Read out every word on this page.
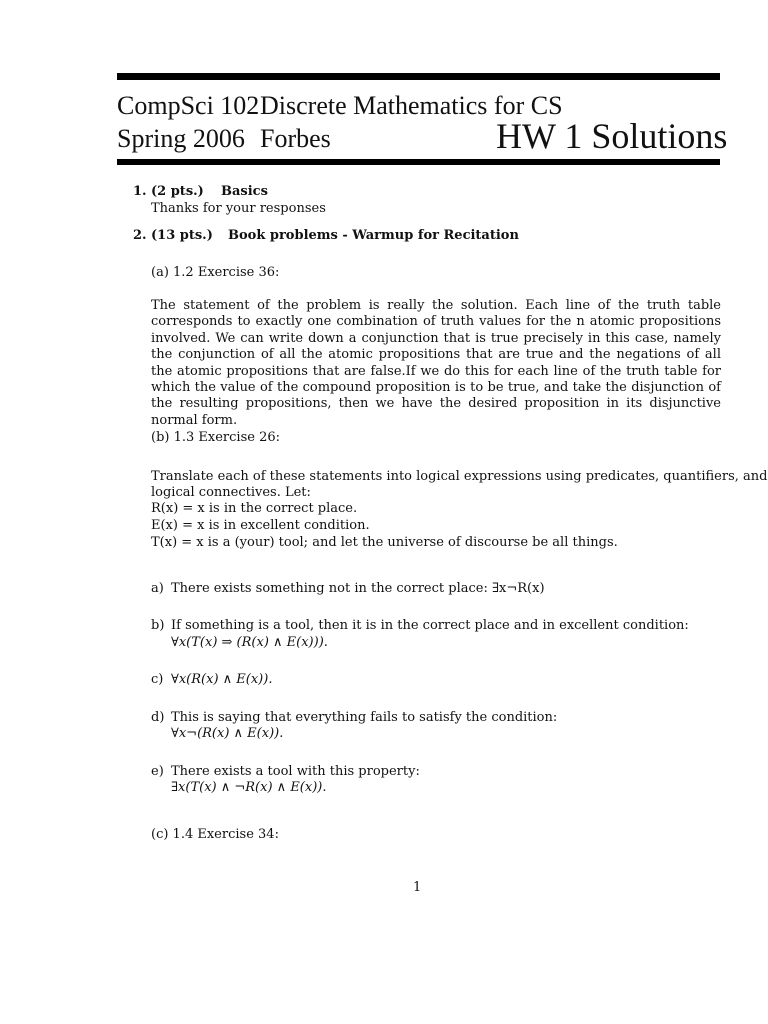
CompSci 102 Discrete Mathematics for CS
Spring 2006 Forbes	HW 1 Solutions
1. (2 pts.) Basics
Thanks for your responses
2. (13 pts.) Book problems - Warmup for Recitation
(a) 1.2 Exercise 36:
The statement of the problem is really the solution. Each line of the truth table corresponds to exactly one combination of truth values for the n atomic propositions involved. We can write down a conjunction that is true precisely in this case, namely the conjunction of all the atomic propositions that are true and the negations of all the atomic propositions that are false.If we do this for each line of the truth table for which the value of the compound proposition is to be true, and take the disjunction of the resulting propositions, then we have the desired proposition in its disjunctive normal form.
(b) 1.3 Exercise 26:
Translate each of these statements into logical expressions using predicates, quantifiers, and
logical connectives. Let:
R(x) = x is in the correct place.
E(x) = x is in excellent condition.
T(x) = x is a (your) tool; and let the universe of discourse be all things.
a) There exists something not in the correct place: ∃x¬R(x)
b) If something is a tool, then it is in the correct place and in excellent condition:
∀x(T(x) ⇒ (R(x) ∧ E(x))).
c) ∀x(R(x) ∧ E(x)).
d) This is saying that everything fails to satisfy the condition:
∀x¬(R(x) ∧ E(x)).
e) There exists a tool with this property:
∃x(T(x) ∧ ¬R(x) ∧ E(x)).
(c) 1.4 Exercise 34:
1
